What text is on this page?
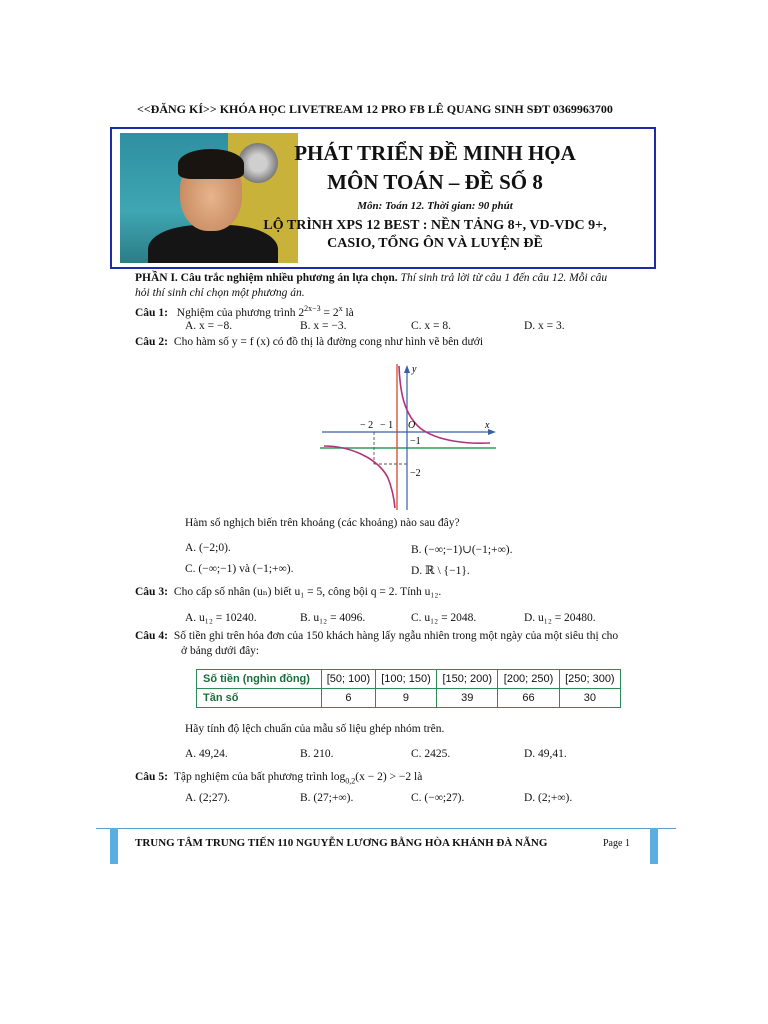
<<ĐĂNG KÍ>> KHÓA HỌC LIVETREAM 12 PRO FB LÊ QUANG SINH SĐT 0369963700
PHÁT TRIỂN ĐỀ MINH HỌA
MÔN TOÁN – ĐỀ SỐ 8
Môn: Toán 12. Thời gian: 90 phút
LỘ TRÌNH XPS 12 BEST : NỀN TẢNG 8+, VD-VDC 9+,
CASIO, TỔNG ÔN VÀ LUYỆN ĐỀ
PHẦN I. Câu trắc nghiệm nhiều phương án lựa chọn. Thí sinh trả lời từ câu 1 đến câu 12. Mỗi câu
hỏi thí sinh chỉ chọn một phương án.
Câu 1: Nghiệm của phương trình $2^{2x-3} = 2^x$ là
A. x = −8.	B. x = −3.	C. x = 8.	D. x = 3.
Câu 2: Cho hàm số y = f (x) có đồ thị là đường cong như hình vẽ bên dưới
− 2 − 1 O	x
y
−1
−2
Hàm số nghịch biến trên khoảng (các khoảng) nào sau đây?
A. (−2;0).	B. (−∞;−1)∪(−1;+∞).
C. (−∞;−1) và (−1;+∞).	D. ℝ \ {−1}.
Câu 3: Cho cấp số nhân (uₙ) biết u₁ = 5, công bội q = 2. Tính u₁₂.
A. u₁₂ = 10240.	B. u₁₂ = 4096.	C. u₁₂ = 2048.	D. u₁₂ = 20480.
Câu 4: Số tiền ghi trên hóa đơn của 150 khách hàng lấy ngẫu nhiên trong một ngày của một siêu thị cho
ở bảng dưới đây:
Số tiền (nghìn đồng)	[50; 100)	[100; 150)	[150; 200)	[200; 250)	[250; 300)
Tần số	6	9	39	66	30
Hãy tính độ lệch chuẩn của mẫu số liệu ghép nhóm trên.
A. 49,24.	B. 210.	C. 2425.	D. 49,41.
Câu 5: Tập nghiệm của bất phương trình $\log_{0,2}(x - 2) > -2$ là
A. (2;27).	B. (27;+∞).	C. (−∞;27).	D. (2;+∞).
TRUNG TÂM TRUNG TIẾN 110 NGUYỄN LƯƠNG BẰNG HÒA KHÁNH ĐÀ NẴNG	Page 1
